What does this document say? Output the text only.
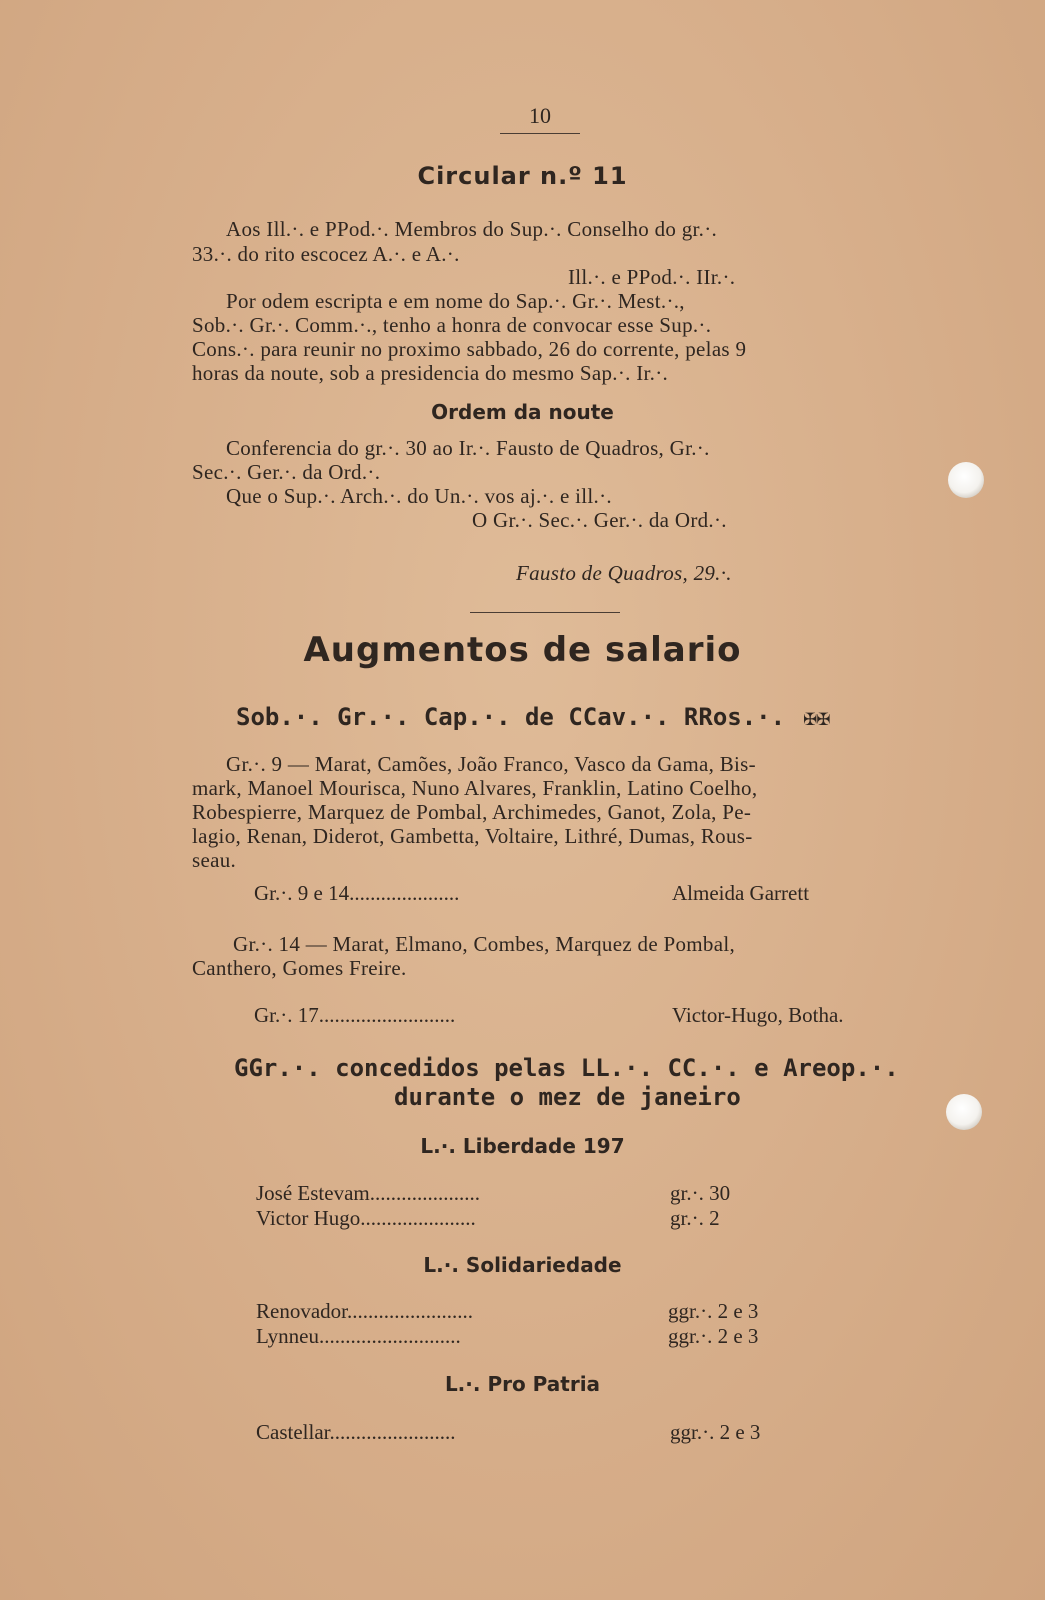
10
Circular n.º 11
Aos Ill.·. e PPod.·. Membros do Sup.·. Conselho do gr.·.
33.·. do rito escocez A.·. e A.·.
Ill.·. e PPod.·. IIr.·.
Por odem escripta e em nome do Sap.·. Gr.·. Mest.·.,
Sob.·. Gr.·. Comm.·., tenho a honra de convocar esse Sup.·.
Cons.·. para reunir no proximo sabbado, 26 do corrente, pelas 9
horas da noute, sob a presidencia do mesmo Sap.·. Ir.·.
Ordem da noute
Conferencia do gr.·. 30 ao Ir.·. Fausto de Quadros, Gr.·.
Sec.·. Ger.·. da Ord.·.
Que o Sup.·. Arch.·. do Un.·. vos aj.·. e ill.·.
O Gr.·. Sec.·. Ger.·. da Ord.·.
Fausto de Quadros, 29.·.
Augmentos de salario
Sob.·. Gr.·. Cap.·. de CCav.·. RRos.·. ✠✠
Gr.·. 9 — Marat, Camões, João Franco, Vasco da Gama, Bis-
mark, Manoel Mourisca, Nuno Alvares, Franklin, Latino Coelho,
Robespierre, Marquez de Pombal, Archimedes, Ganot, Zola, Pe-
lagio, Renan, Diderot, Gambetta, Voltaire, Lithré, Dumas, Rous-
seau.
Gr.·. 9 e 14.....................	Almeida Garrett
Gr.·. 14 — Marat, Elmano, Combes, Marquez de Pombal,
Canthero, Gomes Freire.
Gr.·. 17..........................	Victor-Hugo, Botha.
GGr.·. concedidos pelas LL.·. CC.·. e Areop.·.
durante o mez de janeiro
L.·. Liberdade 197
José Estevam.....................	gr.·. 30
Victor Hugo......................	gr.·. 2
L.·. Solidariedade
Renovador........................	ggr.·. 2 e 3
Lynneu...........................	ggr.·. 2 e 3
L.·. Pro Patria
Castellar........................	ggr.·. 2 e 3
